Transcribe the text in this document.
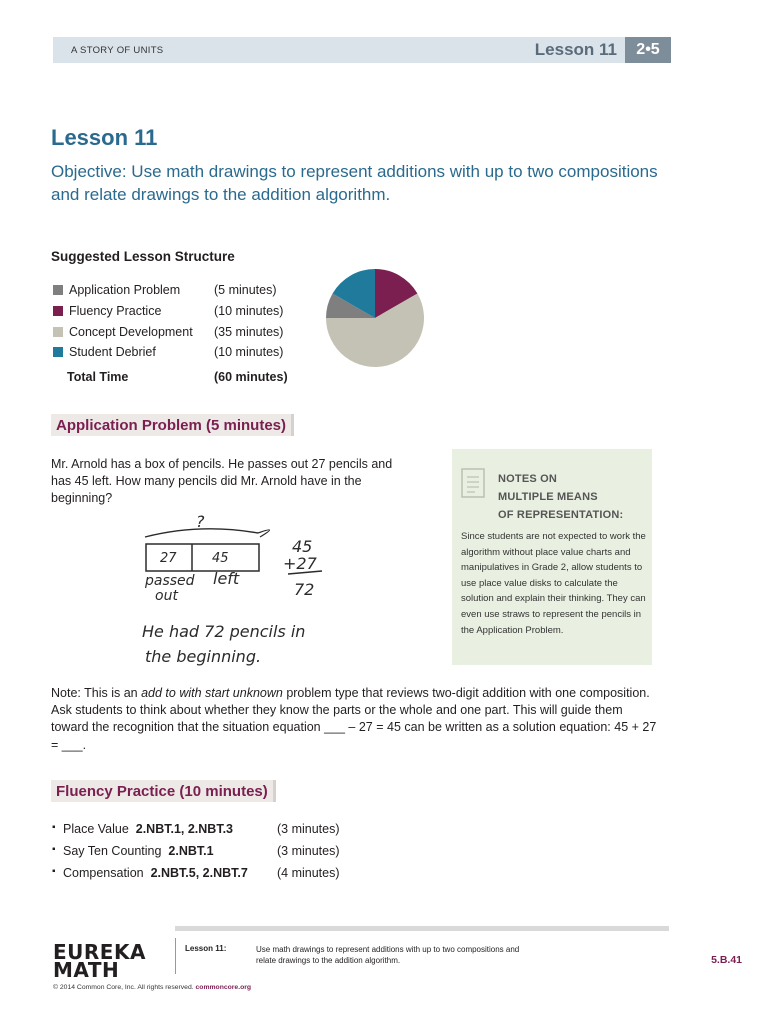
A STORY OF UNITS	Lesson 11	2•5
Lesson 11
Objective: Use math drawings to represent additions with up to two compositions and relate drawings to the addition algorithm.
Suggested Lesson Structure
Application Problem	(5 minutes)
Fluency Practice	(10 minutes)
Concept Development (35 minutes)
Student Debrief	(10 minutes)
Total Time	(60 minutes)
Application Problem (5 minutes)
Mr. Arnold has a box of pencils. He passes out 27 pencils and has 45 left. How many pencils did Mr. Arnold have in the beginning?
?
27	45
passed
out
left
45
+27
72
He had 72 pencils in
the beginning.
NOTES ON
MULTIPLE MEANS
OF REPRESENTATION:
Since students are not expected to work the algorithm without place value charts and manipulatives in Grade 2, allow students to use place value disks to calculate the solution and explain their thinking. They can even use straws to represent the pencils in the Application Problem.
Note: This is an add to with start unknown problem type that reviews two-digit addition with one composition. Ask students to think about whether they know the parts or the whole and one part. This will guide them toward the recognition that the situation equation ___ – 27 = 45 can be written as a solution equation: 45 + 27 = ___.
Fluency Practice (10 minutes)
▪ Place Value 2.NBT.1, 2.NBT.3	(3 minutes)
▪ Say Ten Counting 2.NBT.1	(3 minutes)
▪ Compensation 2.NBT.5, 2.NBT.7 (4 minutes)
EUREKA
MATH
Lesson 11:	Use math drawings to represent additions with up to two compositions and relate drawings to the addition algorithm.	5.B.41
© 2014 Common Core, Inc. All rights reserved. commoncore.org
